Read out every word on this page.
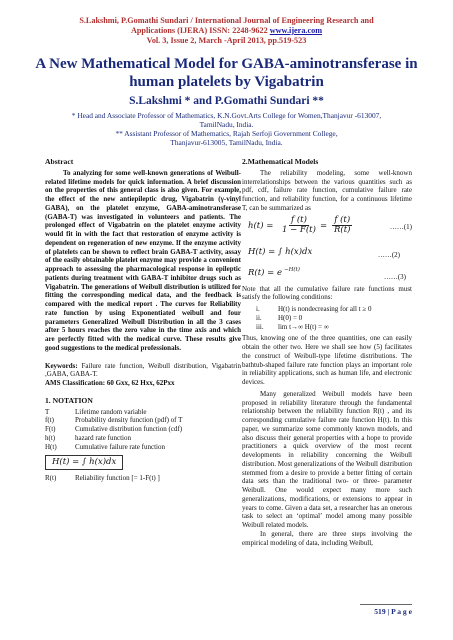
S.Lakshmi, P.Gomathi Sundari / International Journal of Engineering Research and
Applications (IJERA) ISSN: 2248-9622 www.ijera.com
Vol. 3, Issue 2, March -April 2013, pp.519-523
A New Mathematical Model for GABA-aminotransferase in
human platelets by Vigabatrin
S.Lakshmi * and P.Gomathi Sundari **
* Head and Associate Professor of Mathematics, K.N.Govt.Arts College for Women,Thanjavur -613007,
TamilNadu, India.
** Assistant Professor of Mathematics, Rajah Serfoji Government College,
Thanjavur-613005, TamilNadu, India.
Abstract

To analyzing for some well-known generations of Weibull-related lifetime models for quick information. A brief discussion on the properties of this general class is also given. For example, the effect of the new antiepileptic drug, Vigabatrin (γ-vinyl GABA), on the platelet enzyme, GABA-aminotransferase (GABA-T) was investigated in volunteers and patients. The prolonged effect of Vigabatrin on the platelet enzyme activity would fit in with the fact that restoration of enzyme activity is dependent on regeneration of new enzyme. If the enzyme activity of platelets can be shown to reflect brain GABA-T activity, assay of the easily obtainable platelet enzyme may provide a convenient approach to assessing the pharmacological response in epileptic patients during treatment with GABA-T inhibitor drugs such as Vigabatrin. The generations of Weibull distribution is utilized for fitting the corresponding medical data, and the feedback is compared with the medical report . The curves for Reliability rate function by using Exponentiated weibull and four parameters Generalized Weibull Distribution in all the 3 cases after 5 hours reaches the zero value in the time axis and which are perfectly fitted with the medical curve. These results give good suggestions to the medical professionals.

Keywords: Failure rate function, Weibull distribution, Vigabatrin ,GABA, GABA-T.
AMS Classification: 60 Gxx, 62 Hxx, 62Pxx

1. NOTATION
T	Lifetime random variable
f(t)	Probability density function (pdf) of T
F(t)	Cumulative distribution function (cdf)
h(t)	hazard rate function
H(t)	Cumulative failure rate function
H(t) = ∫ h(x)dx
R(t)	Reliability function [= 1-F(t) ]
2.Mathematical Models

The reliability modeling, some well-known interrelationships between the various quantities such as pdf, cdf, failure rate function, cumulative failure rate function, and reliability function, for a continuous lifetime T, can be summarized as

$h(t) = \frac{f (t)}{1 - F(t)} = \frac{f (t)}{R(t)}$	……(1)
H(t) = ∫ h(x)dx	……(2)
R(t) = e −H(t)
……(3)

Note that all the cumulative failure rate functions must satisfy the following conditions:

i.	H(t) is nondecreasing for all t ≥ 0
ii.	H(0) = 0
iii.	lim t→∞ H(t) = ∞

Thus, knowing one of the three quantities, one can easily obtain the other two. Here we shall see how (5) facilitates the construct of Weibull-type lifetime distributions. The bathtub-shaped failure rate function plays an important role in reliability applications, such as human life, and electronic devices.

Many generalized Weibull models have been proposed in reliability literature through the fundamental relationship between the reliability function R(t) , and its corresponding cumulative failure rate function H(t). In this paper, we summarize some commonly known models, and also discuss their general properties with a hope to provide practitioners a quick overview of the most recent developments in reliability concerning the Weibull distribution. Most generalizations of the Weibull distribution stemmed from a desire to provide a better fitting of certain data sets than the traditional two- or three- parameter Weibull. One would expect many more such generalizations, modifications, or extensions to appear in years to come. Given a data set, a researcher has an onerous task to select an ‘optimal’ model among many possible Weibull related models.

In general, there are three steps involving the empirical modeling of data, including Weibull,

519 | P a g e
